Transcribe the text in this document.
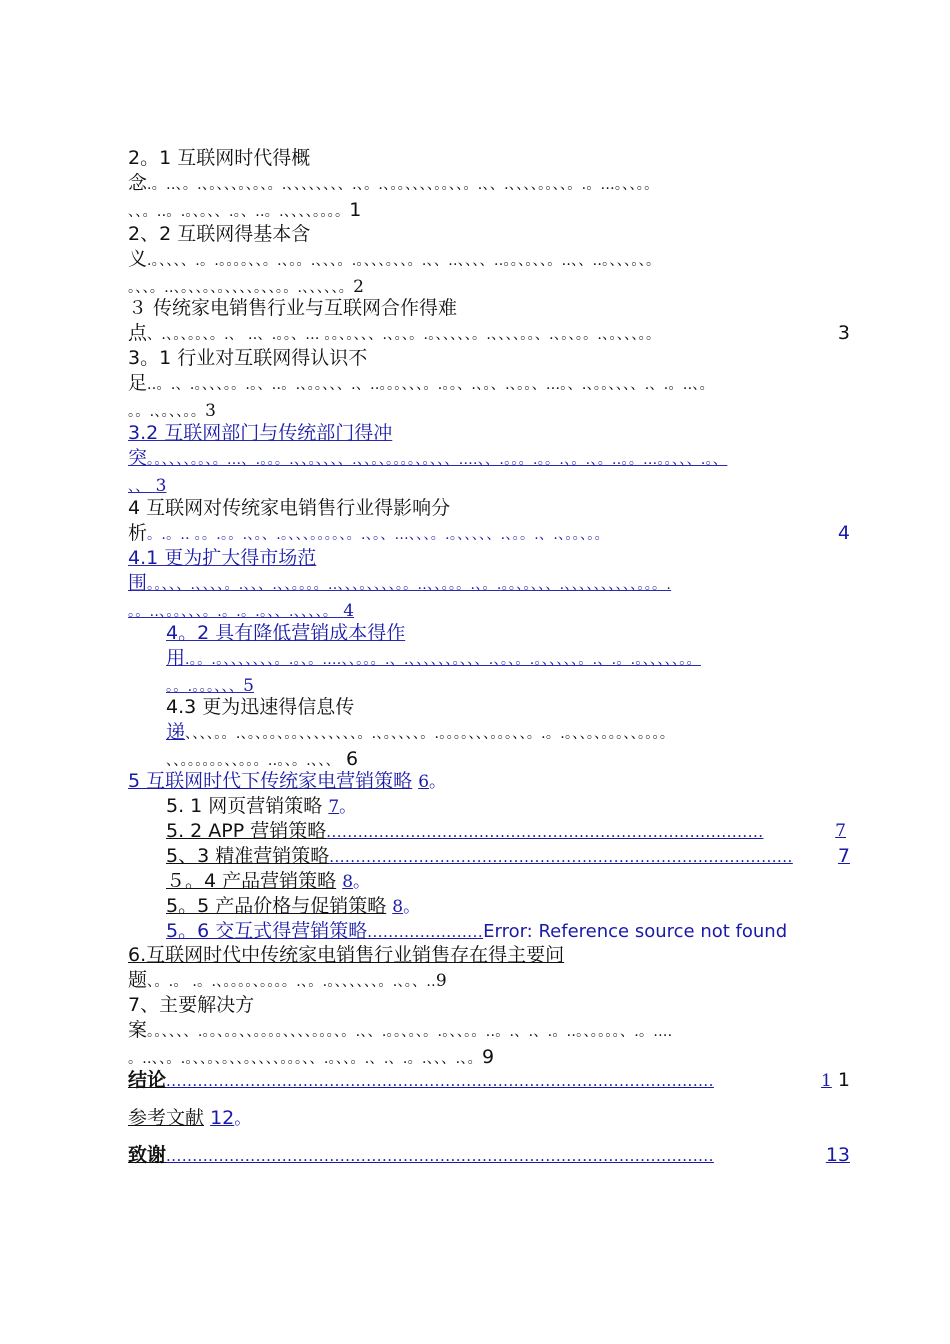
2。1 互联网时代得概
念.。..、。.、。、、、。、。、。.、、、、、、、、.、。.、。。、、、、。。、、。.、、.、、、、。。、、。.。...。、、。。
、、。..。.。、。、、.。、..。.、、、、。。。。1
2、2 互联网得基本含
义.。、、、、.。.。。。。、、。.、。。.、、、。.。、、、。、、。.、、..、、、、..。。、。、、。..、、..。、、、。、。
。、、。..、。、、。、。、、、、。、、。。.、、、、、。2
３ 传统家电销售行业与互联网合作得难
点、.、。、。。、。.、 ..、.。。、... 。。、。、、、.、。、。.。、、、、、。.、、、、。。、.、。、。。.、。、、、。。	3
3。1 行业对互联网得认识不
足..。.、.。、、、。。.。、..。.、。。、、、.、..。。。、、、。.。。、.、。、.、。。、...。、.、。。、、、、.、.。..、。
。。.、。、、。。3
3.2 互联网部门与传统部门得冲
突。。、、、、。。、。...、.。。。.、、。、、、、.、、。、。。。。、。、、、....、、.。。。.。。.、。.、。..。。...。。、、、.。、
、、 3
4 互联网对传统家电销售行业得影响分
析。.。.. 。。.。。.、。、.。、、、。。。。、。.、。、...、、、。.。、、、、、.、。。.、.、。。、。。	4
4.1 更为扩大得市场范
围。。、、、.、、、、。.、、、.、、。。。。..、、、。、、、、。。..、、。。。.、。.。。、。、、、.、、、、、、、、、、。。。.
。。..、。。、、、。.。.。.。、、.、、、、。 4
4。2 具有降低营销成本得作
用.。。.。、、、、、、、。.。、。....、、。。。.、.、、、、、、。、、、.、。、。.。、、、、、。.、.。.。、、、、、。。
。。.。。。、、、5
4.3 更为迅速得信息传
递、、、、。。.、。、。。、。。、、、、、、、、。.、。、、、、。.。。。。、、、。。。、、。.。.。、、。、。。。、、。。。。
、、。。。。。。、、。。。..。、。.、、、 6
5 互联网时代下传统家电营销策略 6。
5. 1 网页营销策略 7。
5. 2 APP 营销策略...................................................................................	7
5、3 精准营销策略........................................................................................ 7
５。4 产品营销策略 8。
5。5 产品价格与促销策略 8。
5。6 交互式得营销策略......................Error: Reference source not found
6.互联网时代中传统家电销售行业销售存在得主要问
题、。.。 .。.、。。。。、。。。。.、。.。、、、、、、。.、。、..9
7、主要解决方
案。。、、、、.。。、。。、、。。。。、、、、。。。、。.、、.。。、。、。.。、、。。..。.、.、.。..。、。。。。、.。....
。..、、。.。、、。、。、、。、、、、。。。、、.。、、。.、.、.。.、、、.、。9
结论........................................................................................................	1 1
参考文献 12。
致谢........................................................................................................	13
